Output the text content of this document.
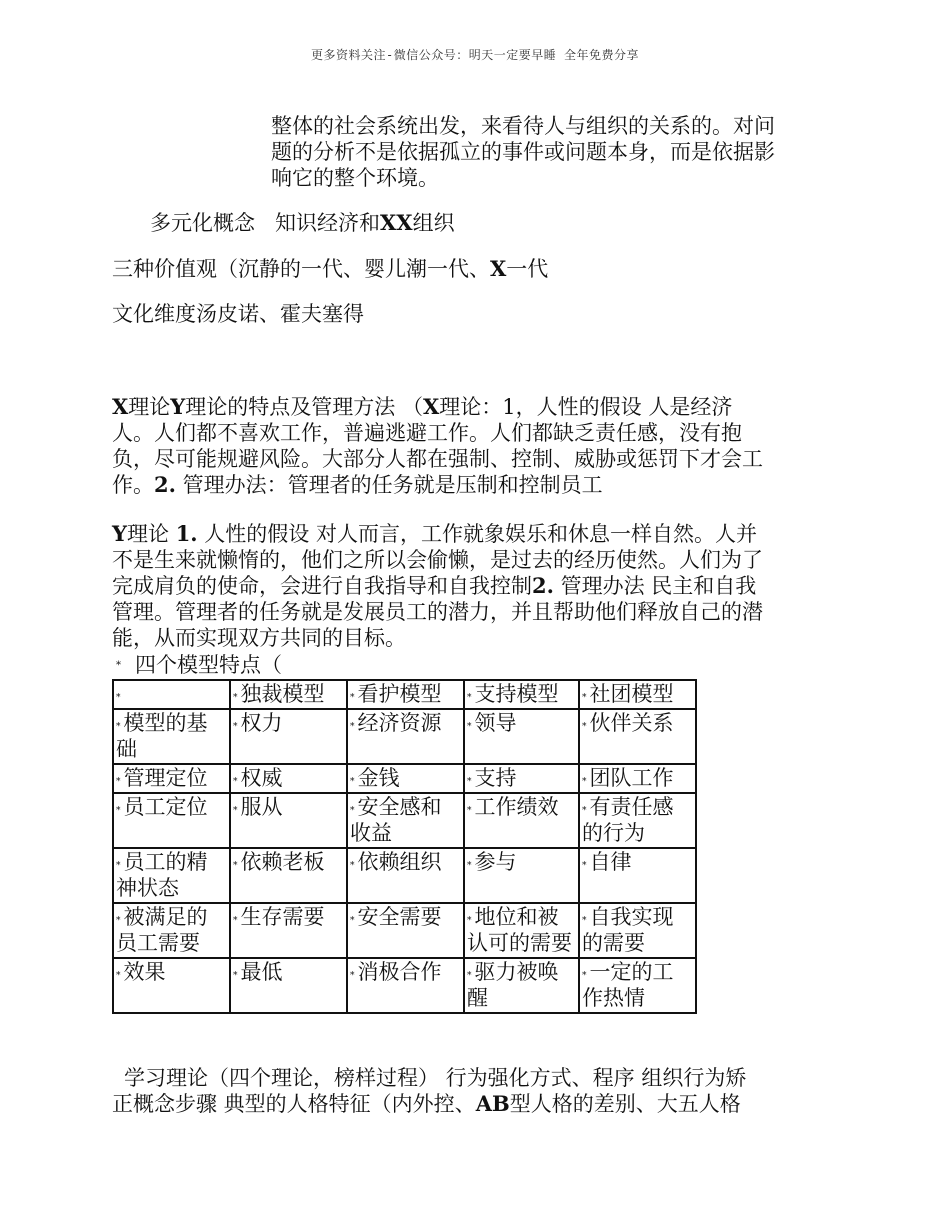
更多资料关注-微信公众号：明天一定要早睡 全年免费分享
整体的社会系统出发，来看待人与组织的关系的。对问
题的分析不是依据孤立的事件或问题本身，而是依据影
响它的整个环境。
多元化概念 知识经济和XX组织
三种价值观（沉静的一代、婴儿潮一代、X一代
文化维度汤皮诺、霍夫塞得
X理论Y理论的特点及管理方法 （X理论：1，人性的假设 人是经济
人。人们都不喜欢工作，普遍逃避工作。人们都缺乏责任感，没有抱
负，尽可能规避风险。大部分人都在强制、控制、威胁或惩罚下才会工
作。2. 管理办法：管理者的任务就是压制和控制员工
Y理论 1. 人性的假设 对人而言，工作就象娱乐和休息一样自然。人并
不是生来就懒惰的，他们之所以会偷懒，是过去的经历使然。人们为了
完成肩负的使命，会进行自我指导和自我控制2. 管理办法 民主和自我
管理。管理者的任务就是发展员工的潜力，并且帮助他们释放自己的潜
能，从而实现双方共同的目标。
* 四个模型特点（
*	* 独裁模型	* 看护模型	* 支持模型	* 社团模型
* 模型的基础	* 权力	* 经济资源	* 领导	* 伙伴关系
* 管理定位	* 权威	* 金钱	* 支持	* 团队工作
* 员工定位	* 服从	* 安全感和收益	* 工作绩效	* 有责任感的行为
* 员工的精神状态	* 依赖老板	* 依赖组织	* 参与	* 自律
* 被满足的员工需要	* 生存需要	* 安全需要	* 地位和被认可的需要	* 自我实现的需要
* 效果	* 最低	* 消极合作	* 驱力被唤醒	* 一定的工作热情
学习理论（四个理论，榜样过程） 行为强化方式、程序 组织行为矫
正概念步骤 典型的人格特征（内外控、AB型人格的差别、大五人格
